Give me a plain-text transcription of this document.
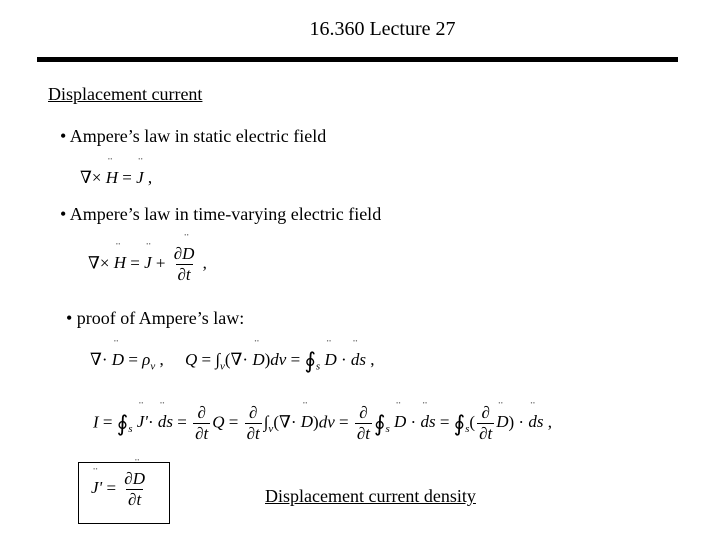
16.360 Lecture 27
Displacement current
• Ampere’s law in static electric field
∇× ¨ H = ¨ J ,
• Ampere’s law in time-varying electric field
∇× ¨ H = ¨ $J + \frac{\partial¨ D}{\partial t}$ ,
• proof of Ampere’s law:
∇· ¨ $D = \rho_v$ ,     $Q = \int_v(\nabla\cdot$ ¨ $D)dv = ∮_s$ ¨ D · ¨ ds ,
$I = ∮_s$ ¨ J'· ¨ ds = $\frac{\partial}{\partial t}$ $Q = \frac{\partial}{\partial t} \int_v(\nabla\cdot$ ¨ $D)dv = \frac{\partial}{\partial t}$ $∮_s$ ¨ D · ¨ ds = $∮_s( \frac{\partial}{\partial t}$ ¨ D) · ¨ ds ,
¨ $J' = \frac{\partial¨ D}{\partial t}$	Displacement current density
